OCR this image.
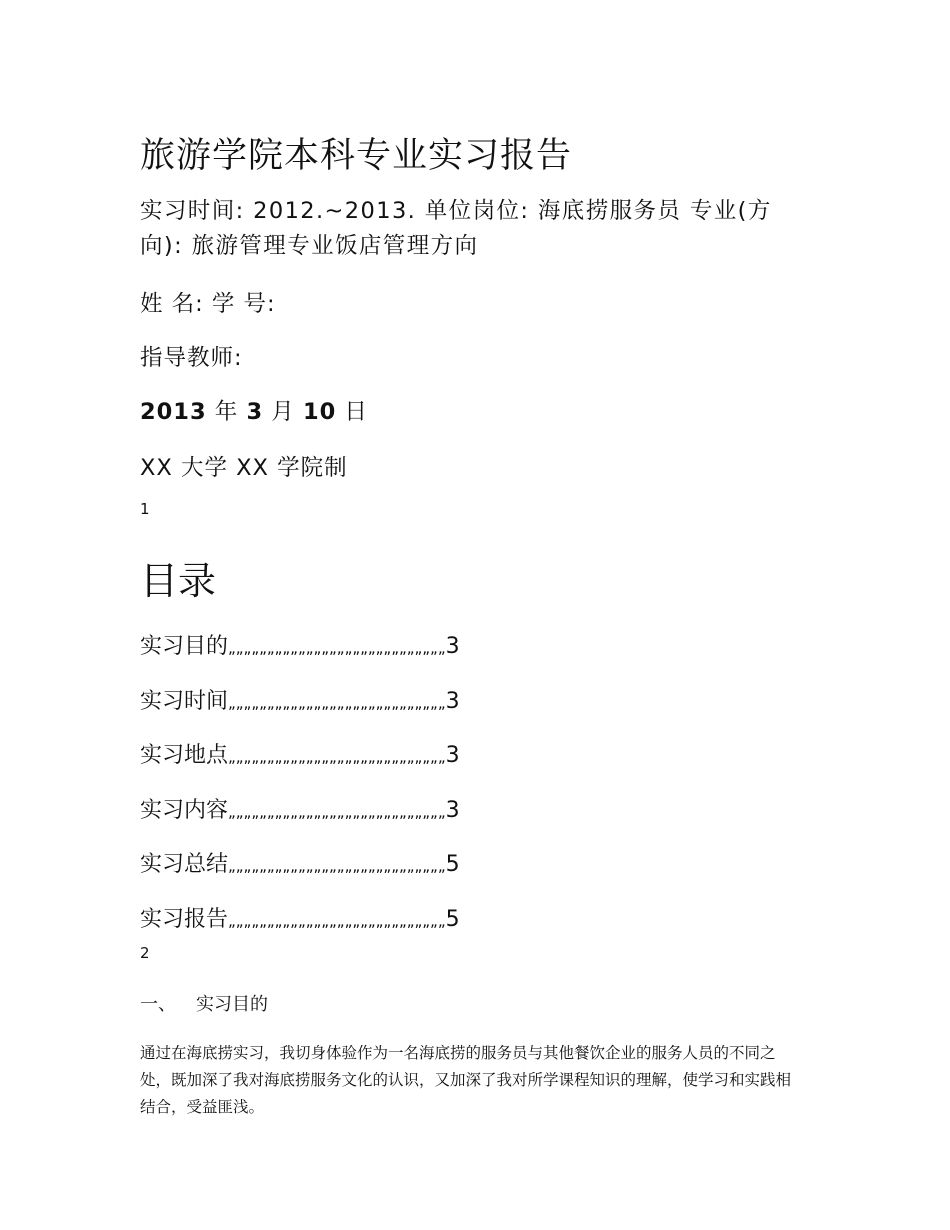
旅游学院本科专业实习报告

实习时间: 2012.~2013. 单位岗位: 海底捞服务员 专业(方向): 旅游管理专业饭店管理方向

姓 名: 学 号:

指导教师:

2013 年 3 月 10 日

XX 大学 XX 学院制

1

目录
实习目的„„„„„„„„„„„„„„„„„„„„„„„„„„„„3
实习时间„„„„„„„„„„„„„„„„„„„„„„„„„„„„3
实习地点„„„„„„„„„„„„„„„„„„„„„„„„„„„„3
实习内容„„„„„„„„„„„„„„„„„„„„„„„„„„„„3
实习总结„„„„„„„„„„„„„„„„„„„„„„„„„„„„5
实习报告„„„„„„„„„„„„„„„„„„„„„„„„„„„„5

2

一、 实习目的

通过在海底捞实习，我切身体验作为一名海底捞的服务员与其他餐饮企业的服务人员的不同之处，既加深了我对海底捞服务文化的认识，又加深了我对所学课程知识的理解，使学习和实践相结合，受益匪浅。
